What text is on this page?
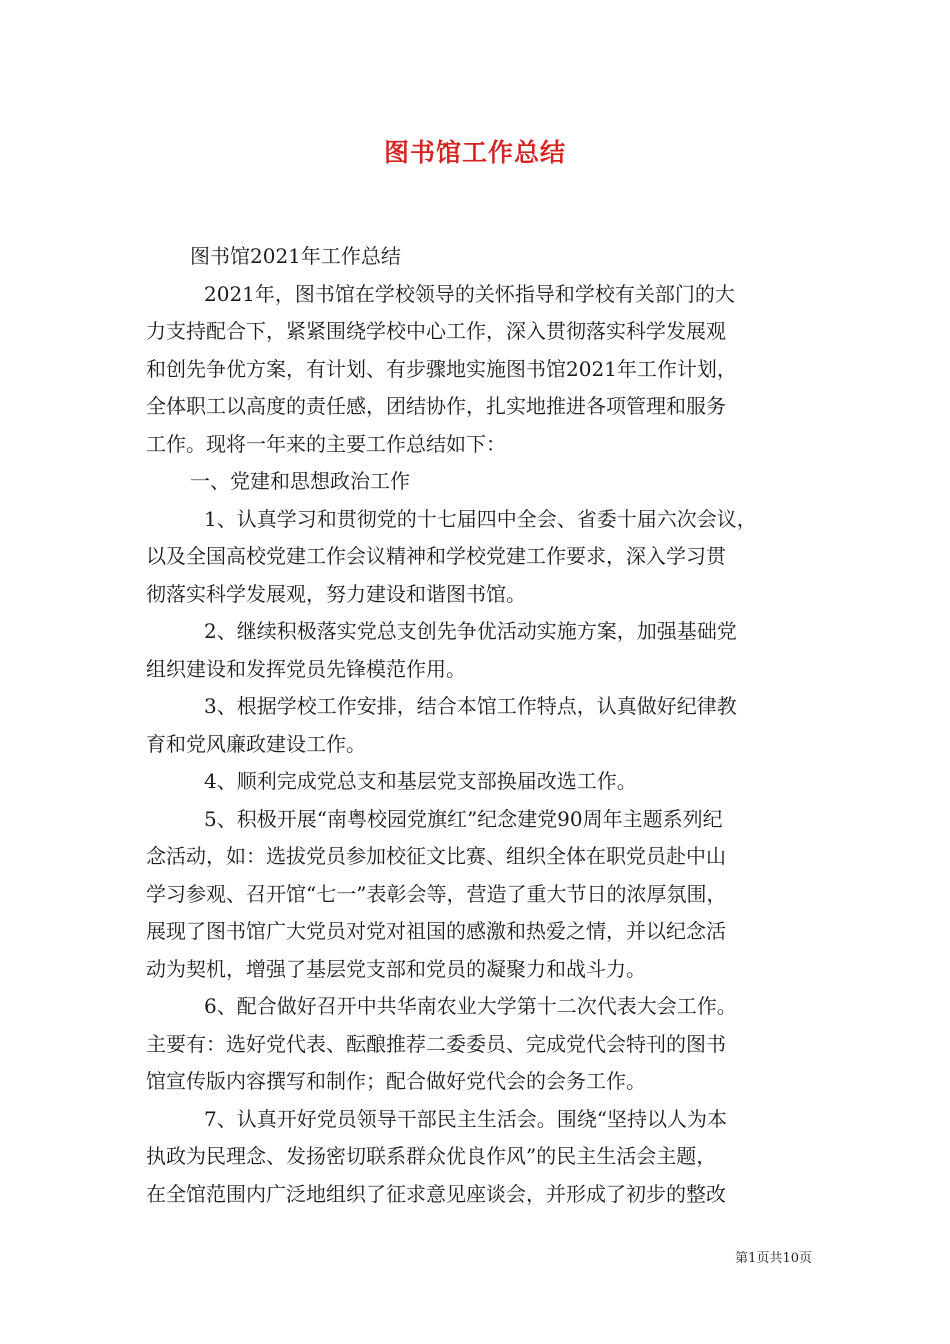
图书馆工作总结

图书馆2021年工作总结

2021年，图书馆在学校领导的关怀指导和学校有关部门的大

力支持配合下，紧紧围绕学校中心工作，深入贯彻落实科学发展观

和创先争优方案，有计划、有步骤地实施图书馆2021年工作计划，

全体职工以高度的责任感，团结协作，扎实地推进各项管理和服务

工作。现将一年来的主要工作总结如下：

一、党建和思想政治工作

1、认真学习和贯彻党的十七届四中全会、省委十届六次会议，

以及全国高校党建工作会议精神和学校党建工作要求，深入学习贯

彻落实科学发展观，努力建设和谐图书馆。

2、继续积极落实党总支创先争优活动实施方案，加强基础党

组织建设和发挥党员先锋模范作用。

3、根据学校工作安排，结合本馆工作特点，认真做好纪律教

育和党风廉政建设工作。

4、顺利完成党总支和基层党支部换届改选工作。

5、积极开展“南粤校园党旗红”纪念建党90周年主题系列纪

念活动，如：选拔党员参加校征文比赛、组织全体在职党员赴中山

学习参观、召开馆“七一”表彰会等，营造了重大节日的浓厚氛围，

展现了图书馆广大党员对党对祖国的感激和热爱之情，并以纪念活

动为契机，增强了基层党支部和党员的凝聚力和战斗力。

6、配合做好召开中共华南农业大学第十二次代表大会工作。

主要有：选好党代表、酝酿推荐二委委员、完成党代会特刊的图书

馆宣传版内容撰写和制作；配合做好党代会的会务工作。

7、认真开好党员领导干部民主生活会。围绕“坚持以人为本

执政为民理念、发扬密切联系群众优良作风”的民主生活会主题，

在全馆范围内广泛地组织了征求意见座谈会，并形成了初步的整改

第1页共10页
